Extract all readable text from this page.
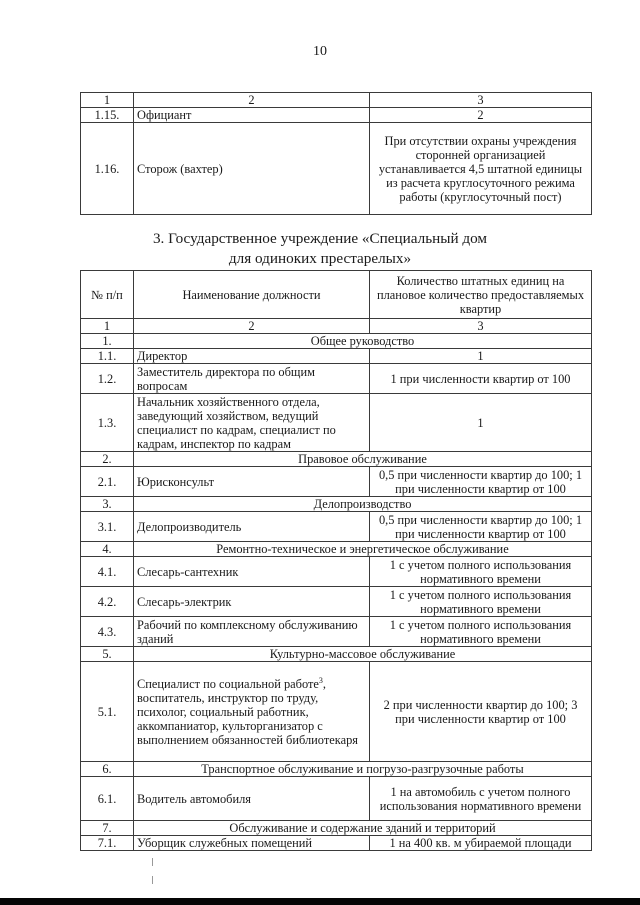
10
1	2	3
1.15.	Официант	2
1.16.	Сторож (вахтер)	При отсутствии охраны учреждения сторонней организацией устанавливается 4,5 штатной единицы из расчета круглосуточного режима работы (круглосуточный пост)
3. Государственное учреждение «Специальный дом
для одиноких престарелых»
№ п/п	Наименование должности	Количество штатных единиц на плановое количество предоставляемых квартир
1	2	3
1.	Общее руководство	
1.1.	Директор	1
1.2.	Заместитель директора по общим вопросам	1 при численности квартир от 100
1.3.	Начальник хозяйственного отдела, заведующий хозяйством, ведущий специалист по кадрам, специалист по кадрам, инспектор по кадрам	1
2.	Правовое обслуживание	
2.1.	Юрисконсульт	0,5 при численности квартир до 100; 1 при численности квартир от 100
3.	Делопроизводство	
3.1.	Делопроизводитель	0,5 при численности квартир до 100; 1 при численности квартир от 100
4.	Ремонтно-техническое и энергетическое обслуживание	
4.1.	Слесарь-сантехник	1 с учетом полного использования нормативного времени
4.2.	Слесарь-электрик	1 с учетом полного использования нормативного времени
4.3.	Рабочий по комплексному обслуживанию зданий	1 с учетом полного использования нормативного времени
5.	Культурно-массовое обслуживание	
5.1.	Специалист по социальной работе$^3$, воспитатель, инструктор по труду, психолог, социальный работник, аккомпаниатор, культорганизатор с выполнением обязанностей библиотекаря	2 при численности квартир до 100; 3 при численности квартир от 100
6.	Транспортное обслуживание и погрузо-разгрузочные работы	
6.1.	Водитель автомобиля	1 на автомобиль с учетом полного использования нормативного времени
7.	Обслуживание и содержание зданий и территорий	
7.1.	Уборщик служебных помещений	1 на 400 кв. м убираемой площади
